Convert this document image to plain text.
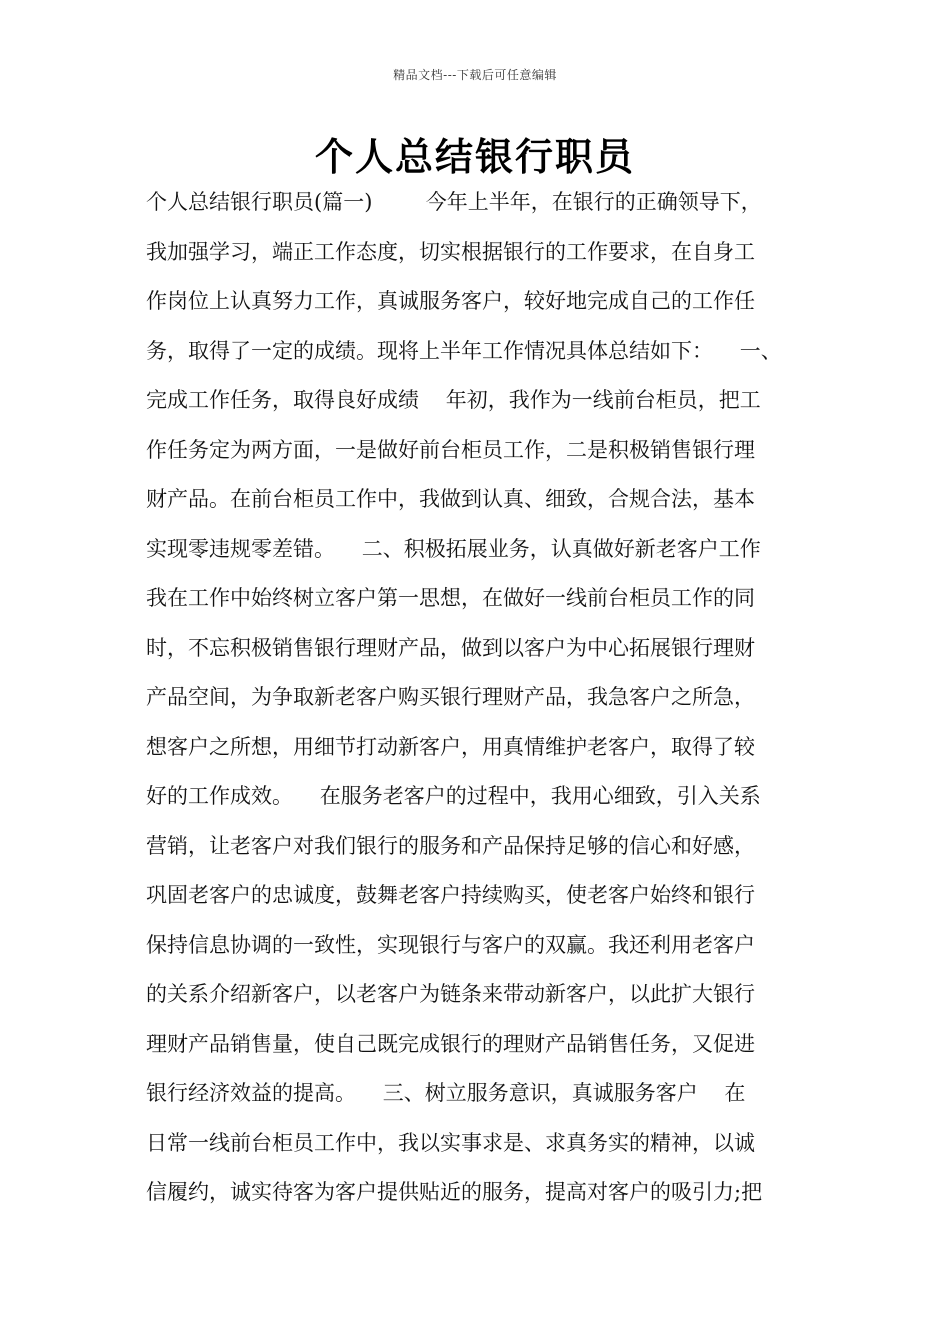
精品文档---下载后可任意编辑
个人总结银行职员
个人总结银行职员(篇一)        今年上半年，在银行的正确领导下，
我加强学习，端正工作态度，切实根据银行的工作要求，在自身工
作岗位上认真努力工作，真诚服务客户，较好地完成自己的工作任
务，取得了一定的成绩。现将上半年工作情况具体总结如下：    一、
完成工作任务，取得良好成绩    年初，我作为一线前台柜员，把工
作任务定为两方面，一是做好前台柜员工作，二是积极销售银行理
财产品。在前台柜员工作中，我做到认真、细致，合规合法，基本
实现零违规零差错。    二、积极拓展业务，认真做好新老客户工作
我在工作中始终树立客户第一思想，在做好一线前台柜员工作的同
时，不忘积极销售银行理财产品，做到以客户为中心拓展银行理财
产品空间，为争取新老客户购买银行理财产品，我急客户之所急，
想客户之所想，用细节打动新客户，用真情维护老客户，取得了较
好的工作成效。    在服务老客户的过程中，我用心细致，引入关系
营销，让老客户对我们银行的服务和产品保持足够的信心和好感，
巩固老客户的忠诚度，鼓舞老客户持续购买，使老客户始终和银行
保持信息协调的一致性，实现银行与客户的双赢。我还利用老客户
的关系介绍新客户，以老客户为链条来带动新客户，以此扩大银行
理财产品销售量，使自己既完成银行的理财产品销售任务，又促进
银行经济效益的提高。    三、树立服务意识，真诚服务客户    在
日常一线前台柜员工作中，我以实事求是、求真务实的精神，以诚
信履约，诚实待客为客户提供贴近的服务，提高对客户的吸引力;把
